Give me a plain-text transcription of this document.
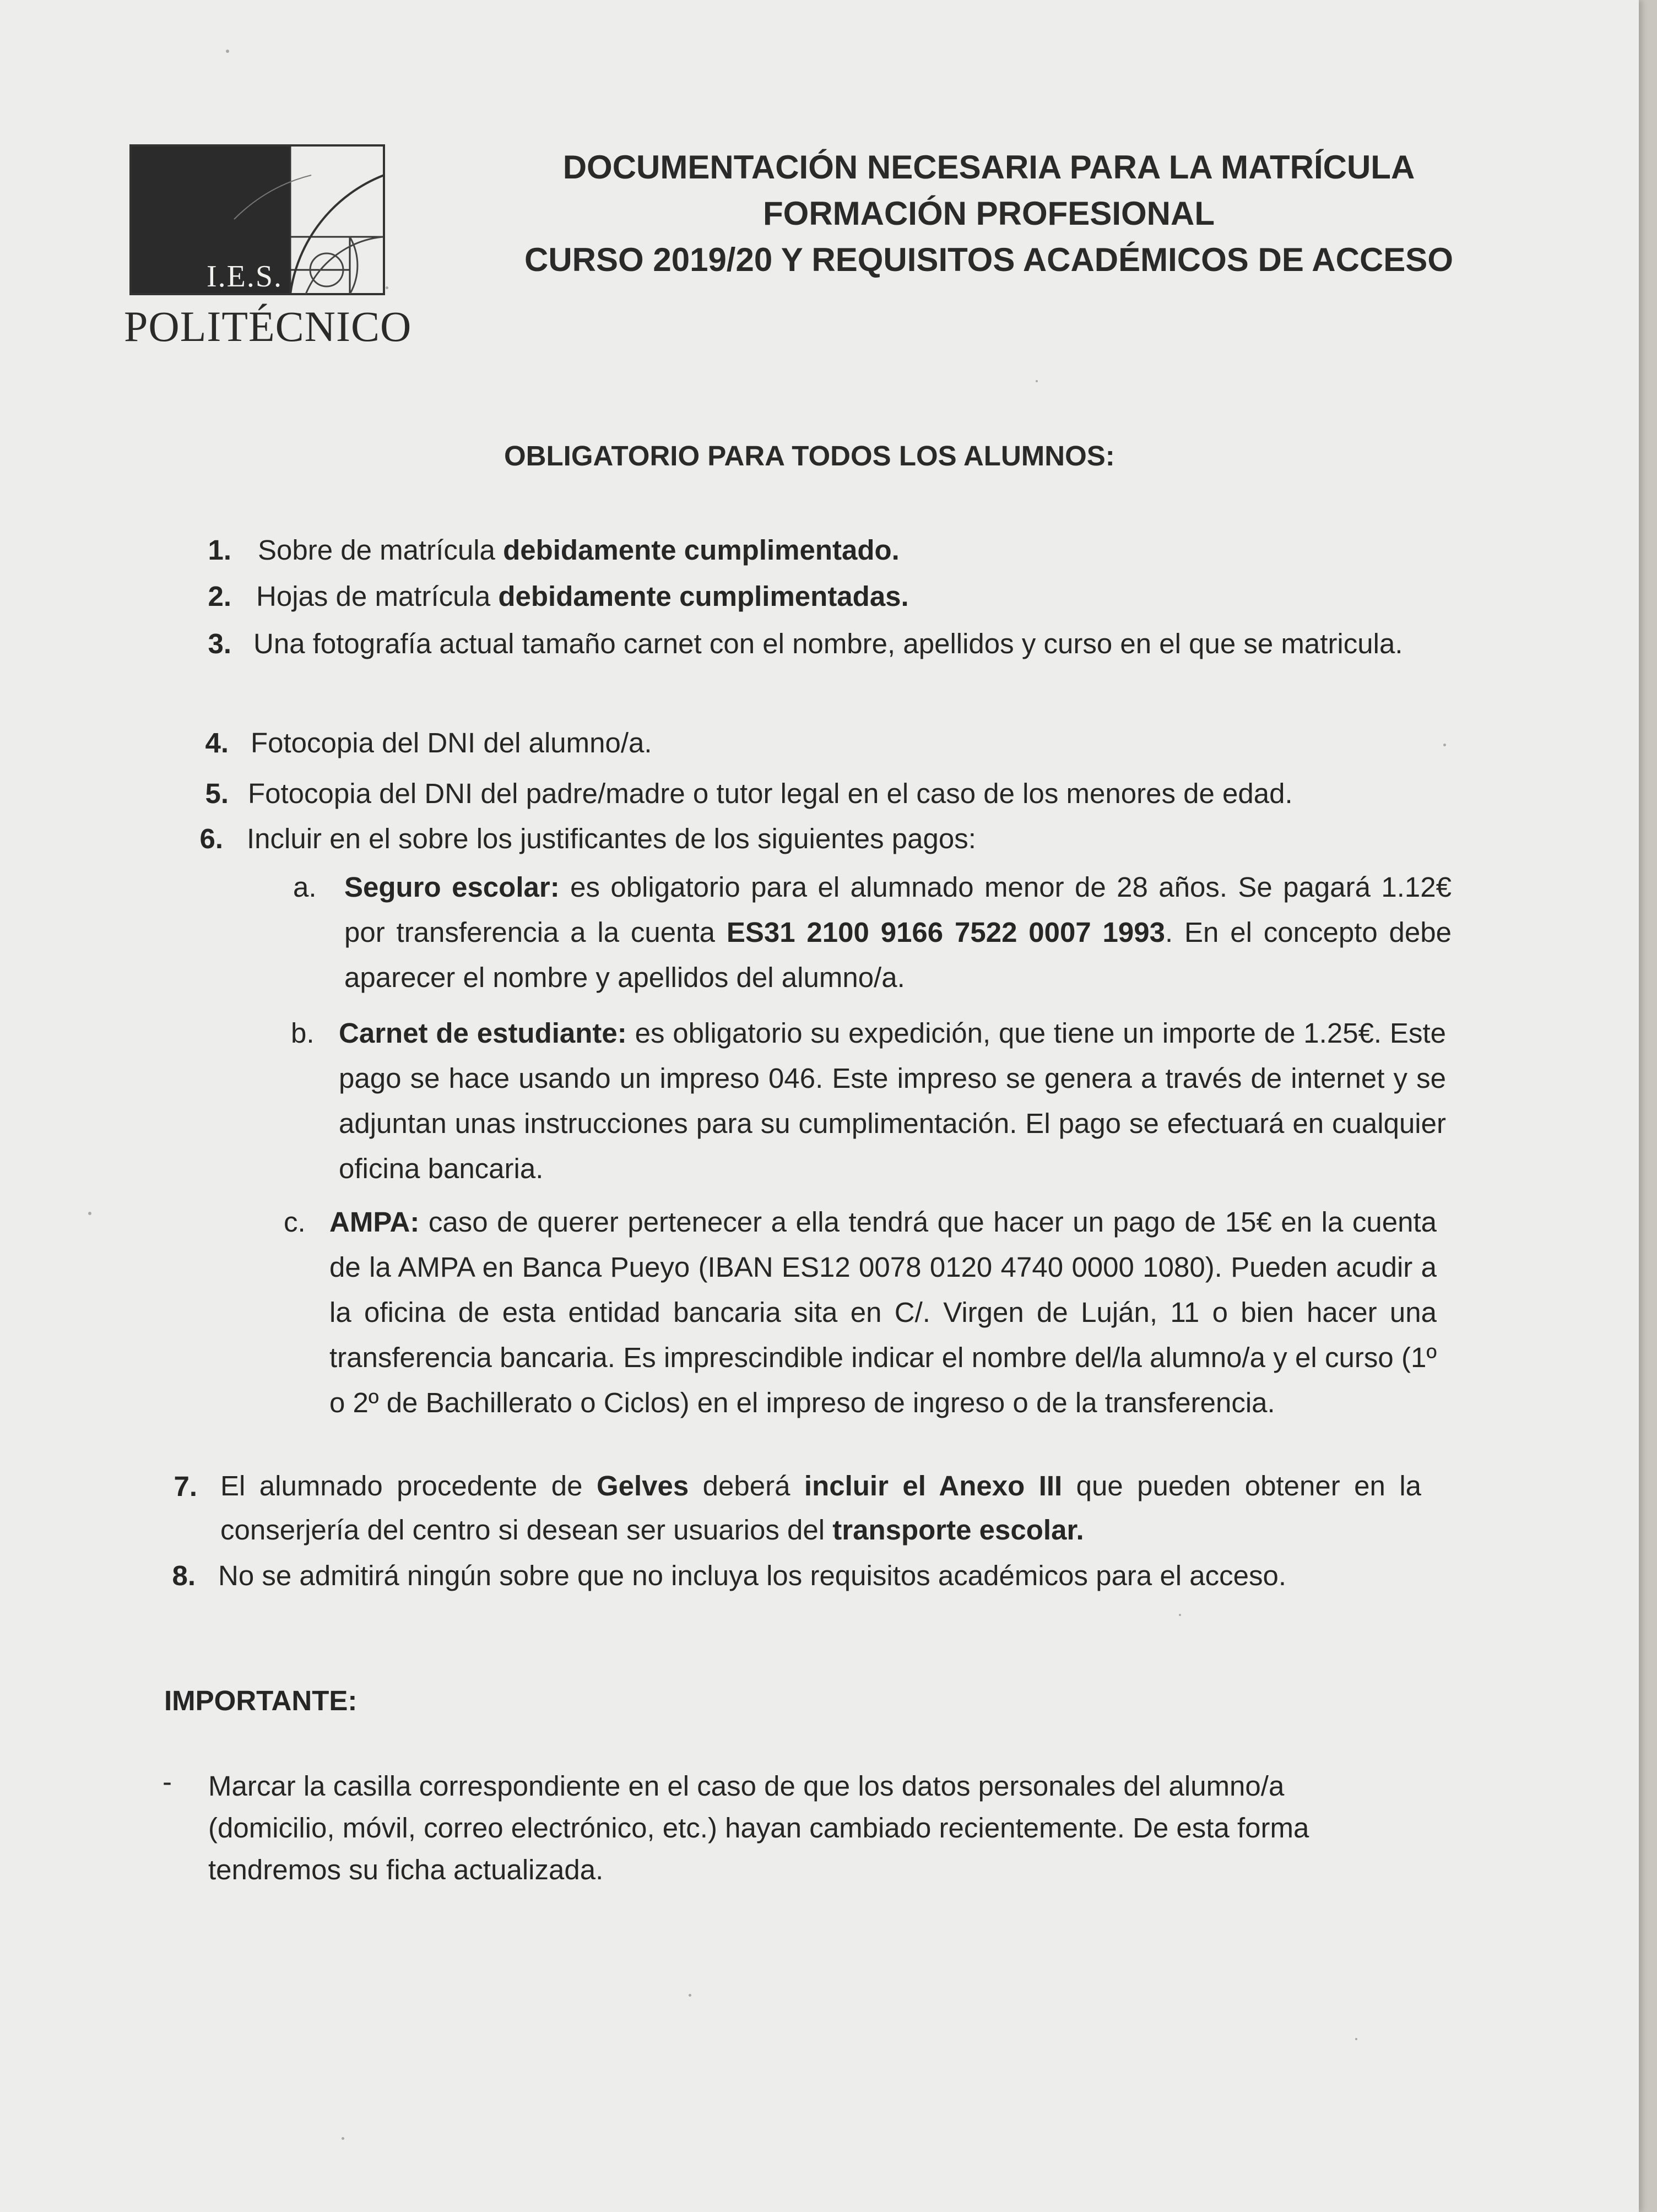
I.E.S.
POLITÉCNICO
DOCUMENTACIÓN NECESARIA PARA LA MATRÍCULA
FORMACIÓN PROFESIONAL
CURSO 2019/20 Y REQUISITOS ACADÉMICOS DE ACCESO
OBLIGATORIO PARA TODOS LOS ALUMNOS:
1. Sobre de matrícula debidamente cumplimentado.
2. Hojas de matrícula debidamente cumplimentadas.
3. Una fotografía actual tamaño carnet con el nombre, apellidos y curso en el que se matricula.
4. Fotocopia del DNI del alumno/a.
5. Fotocopia del DNI del padre/madre o tutor legal en el caso de los menores de edad.
6. Incluir en el sobre los justificantes de los siguientes pagos:
a. Seguro escolar: es obligatorio para el alumnado menor de 28 años. Se pagará 1.12€ por transferencia a la cuenta ES31 2100 9166 7522 0007 1993. En el concepto debe aparecer el nombre y apellidos del alumno/a.
b. Carnet de estudiante: es obligatorio su expedición, que tiene un importe de 1.25€. Este pago se hace usando un impreso 046. Este impreso se genera a través de internet y se adjuntan unas instrucciones para su cumplimentación. El pago se efectuará en cualquier oficina bancaria.
c. AMPA: caso de querer pertenecer a ella tendrá que hacer un pago de 15€ en la cuenta de la AMPA en Banca Pueyo (IBAN ES12 0078 0120 4740 0000 1080). Pueden acudir a la oficina de esta entidad bancaria sita en C/. Virgen de Luján, 11 o bien hacer una transferencia bancaria. Es imprescindible indicar el nombre del/la alumno/a y el curso (1º o 2º de Bachillerato o Ciclos) en el impreso de ingreso o de la transferencia.
7. El alumnado procedente de Gelves deberá incluir el Anexo III que pueden obtener en la conserjería del centro si desean ser usuarios del transporte escolar.
8. No se admitirá ningún sobre que no incluya los requisitos académicos para el acceso.
IMPORTANTE:
- Marcar la casilla correspondiente en el caso de que los datos personales del alumno/a (domicilio, móvil, correo electrónico, etc.) hayan cambiado recientemente. De esta forma tendremos su ficha actualizada.
